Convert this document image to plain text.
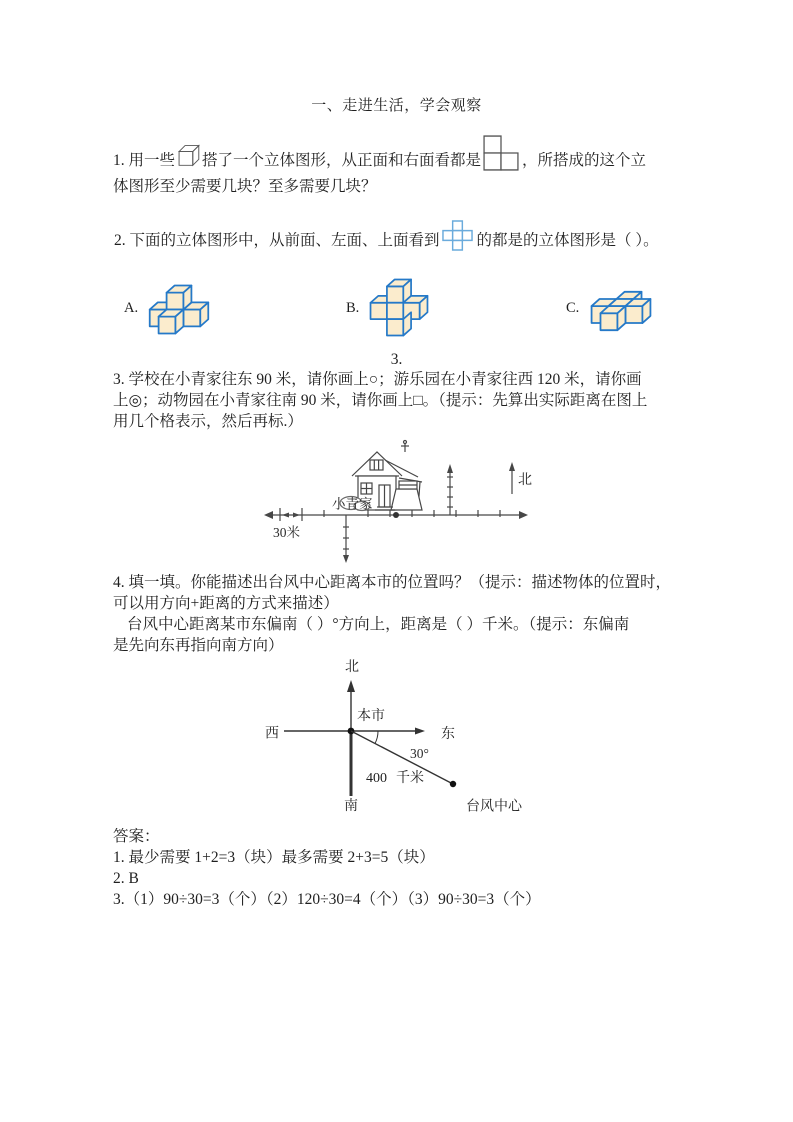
一、走进生活，学会观察
1. 用一些 搭了一个立体图形，从正面和右面看都是	，所搭成的这个立
体图形至少需要几块？至多需要几块？
2. 下面的立体图形中，从前面、左面、上面看到 的都是的立体图形是（ ）。
A.	B.	C.
3.
3. 学校在小青家往东 90 米，请你画上○；游乐园在小青家往西 120 米，请你画
上◎；动物园在小青家往南 90 米，请你画上□。（提示：先算出实际距离在图上
用几个格表示，然后再标.）
30米
北
小青家
4. 填一填。你能描述出台风中心距离本市的位置吗？（提示：描述物体的位置时，
可以用方向+距离的方式来描述）
台风中心距离某市东偏南（ ）°方向上，距离是（ ）千米。（提示：东偏南
是先向东再指向南方向）
北
西	东
南
本市
30°
400 千米
台风中心
答案：
1. 最少需要 1+2=3（块）最多需要 2+3=5（块）
2. B
3.（1）90÷30=3（个）（2）120÷30=4（个）（3）90÷30=3（个）
